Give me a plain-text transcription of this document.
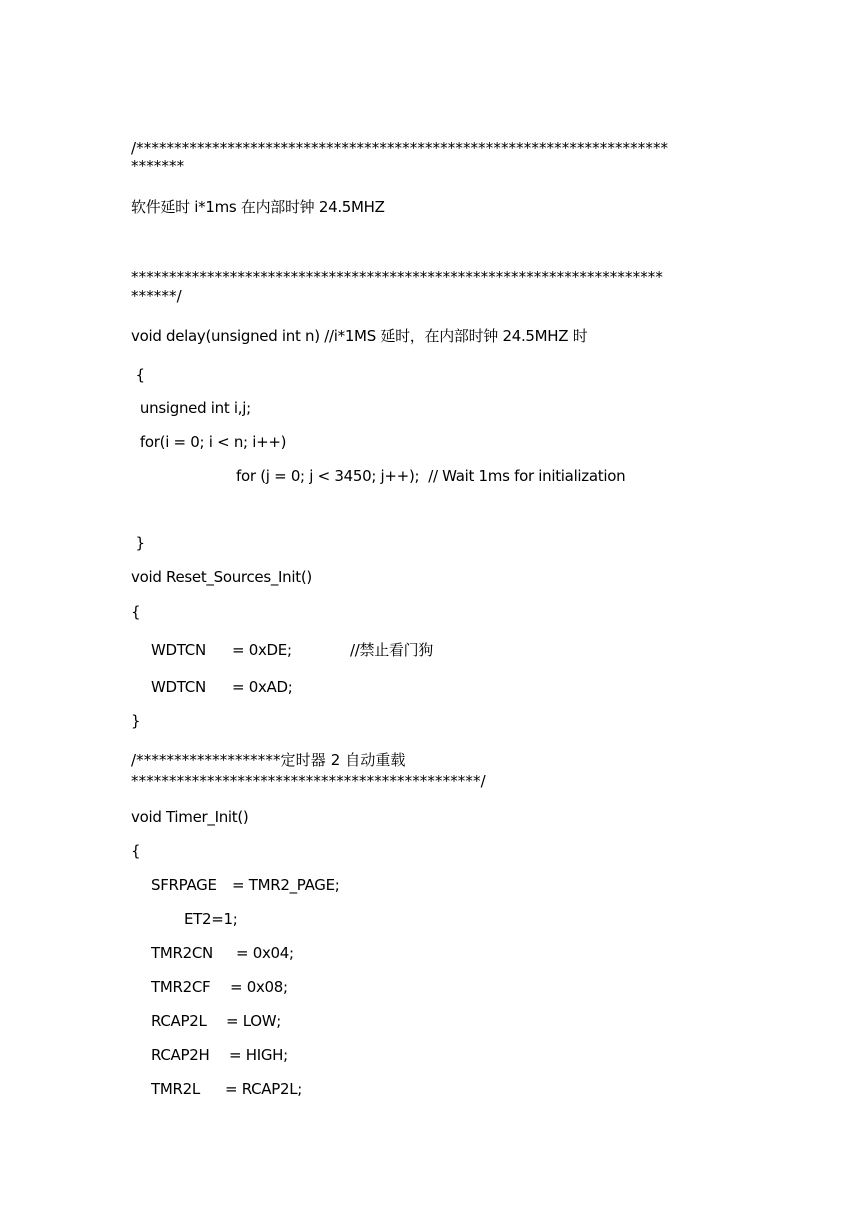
/**********************************************************************
*******
软件延时 i*1ms 在内部时钟 24.5MHZ
**********************************************************************
******/
void delay(unsigned int n) //i*1MS 延时，在内部时钟 24.5MHZ 时
{
unsigned int i,j;
for(i = 0; i < n; i++)
for (j = 0; j < 3450; j++);  // Wait 1ms for initialization
}
void Reset_Sources_Init()
{
WDTCN = 0xDE;	//禁止看门狗
WDTCN = 0xAD;
}
/*******************定时器 2 自动重载
**********************************************/
void Timer_Init()
{
SFRPAGE = TMR2_PAGE;
ET2=1;
TMR2CN = 0x04;
TMR2CF = 0x08;
RCAP2L = LOW;
RCAP2H = HIGH;
TMR2L = RCAP2L;
